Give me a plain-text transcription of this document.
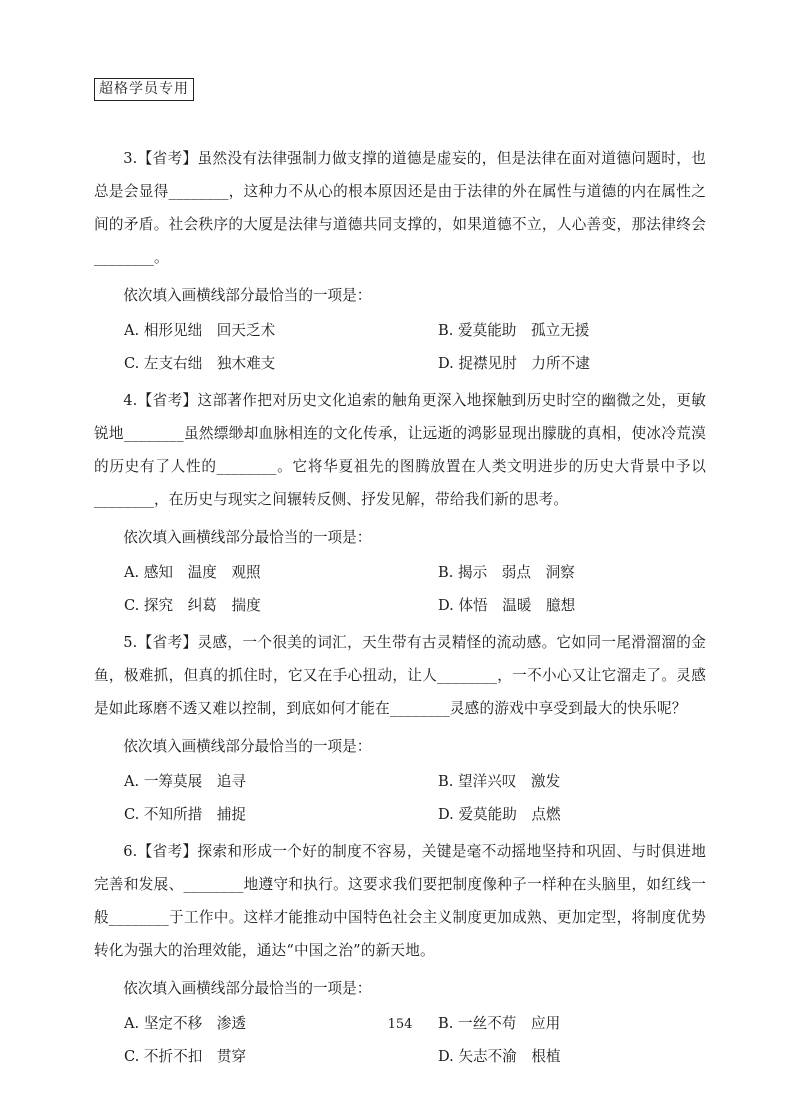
超格学员专用

3.【省考】虽然没有法律强制力做支撑的道德是虚妄的，但是法律在面对道德问题时，也总是会显得________，这种力不从心的根本原因还是由于法律的外在属性与道德的内在属性之间的矛盾。社会秩序的大厦是法律与道德共同支撑的，如果道德不立，人心善变，那法律终会________。

依次填入画横线部分最恰当的一项是：

A. 相形见绌　回天乏术	B. 爱莫能助　孤立无援
C. 左支右绌　独木难支	D. 捉襟见肘　力所不逮

4.【省考】这部著作把对历史文化追索的触角更深入地探触到历史时空的幽微之处，更敏锐地________虽然缥缈却血脉相连的文化传承，让远逝的鸿影显现出朦胧的真相，使冰冷荒漠的历史有了人性的________。它将华夏祖先的图腾放置在人类文明进步的历史大背景中予以________，在历史与现实之间辗转反侧、抒发见解，带给我们新的思考。

依次填入画横线部分最恰当的一项是：

A. 感知　温度　观照	B. 揭示　弱点　洞察
C. 探究　纠葛　揣度	D. 体悟　温暖　臆想

5.【省考】灵感，一个很美的词汇，天生带有古灵精怪的流动感。它如同一尾滑溜溜的金鱼，极难抓，但真的抓住时，它又在手心扭动，让人________，一不小心又让它溜走了。灵感是如此琢磨不透又难以控制，到底如何才能在________灵感的游戏中享受到最大的快乐呢？

依次填入画横线部分最恰当的一项是：

A. 一筹莫展　追寻	B. 望洋兴叹　激发
C. 不知所措　捕捉	D. 爱莫能助　点燃

6.【省考】探索和形成一个好的制度不容易，关键是毫不动摇地坚持和巩固、与时俱进地完善和发展、________地遵守和执行。这要求我们要把制度像种子一样种在头脑里，如红线一般________于工作中。这样才能推动中国特色社会主义制度更加成熟、更加定型，将制度优势转化为强大的治理效能，通达“中国之治”的新天地。

依次填入画横线部分最恰当的一项是：

A. 坚定不移　渗透	B. 一丝不苟　应用
C. 不折不扣　贯穿	D. 矢志不渝　根植
154
